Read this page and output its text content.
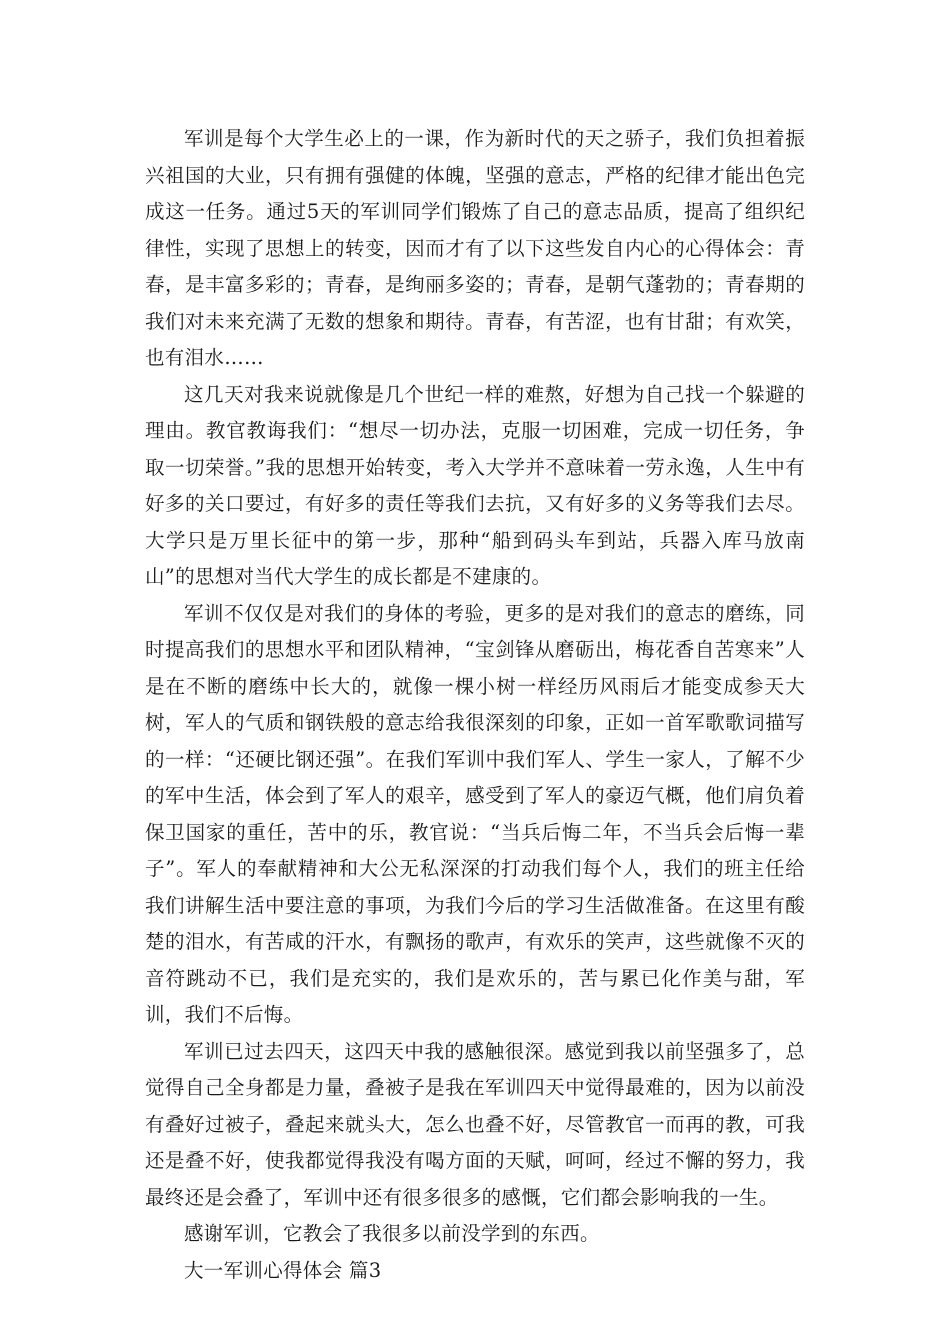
军训是每个大学生必上的一课，作为新时代的天之骄子，我们负担着振兴祖国的大业，只有拥有强健的体魄，坚强的意志，严格的纪律才能出色完成这一任务。通过5天的军训同学们锻炼了自己的意志品质，提高了组织纪律性，实现了思想上的转变，因而才有了以下这些发自内心的心得体会：青春，是丰富多彩的；青春，是绚丽多姿的；青春，是朝气蓬勃的；青春期的我们对未来充满了无数的想象和期待。青春，有苦涩，也有甘甜；有欢笑，也有泪水……

这几天对我来说就像是几个世纪一样的难熬，好想为自己找一个躲避的理由。教官教诲我们：“想尽一切办法，克服一切困难，完成一切任务，争取一切荣誉。”我的思想开始转变，考入大学并不意味着一劳永逸，人生中有好多的关口要过，有好多的责任等我们去抗，又有好多的义务等我们去尽。大学只是万里长征中的第一步，那种“船到码头车到站，兵器入库马放南山”的思想对当代大学生的成长都是不建康的。

军训不仅仅是对我们的身体的考验，更多的是对我们的意志的磨练，同时提高我们的思想水平和团队精神，“宝剑锋从磨砺出，梅花香自苦寒来”人是在不断的磨练中长大的，就像一棵小树一样经历风雨后才能变成参天大树，军人的气质和钢铁般的意志给我很深刻的印象，正如一首军歌歌词描写的一样：“还硬比钢还强”。在我们军训中我们军人、学生一家人，了解不少的军中生活，体会到了军人的艰辛，感受到了军人的豪迈气概，他们肩负着保卫国家的重任，苦中的乐，教官说：“当兵后悔二年，不当兵会后悔一辈子”。军人的奉献精神和大公无私深深的打动我们每个人，我们的班主任给我们讲解生活中要注意的事项，为我们今后的学习生活做准备。在这里有酸楚的泪水，有苦咸的汗水，有飘扬的歌声，有欢乐的笑声，这些就像不灭的音符跳动不已，我们是充实的，我们是欢乐的，苦与累已化作美与甜，军训，我们不后悔。

军训已过去四天，这四天中我的感触很深。感觉到我以前坚强多了，总觉得自己全身都是力量，叠被子是我在军训四天中觉得最难的，因为以前没有叠好过被子，叠起来就头大，怎么也叠不好，尽管教官一而再的教，可我还是叠不好，使我都觉得我没有喝方面的天赋，呵呵，经过不懈的努力，我最终还是会叠了，军训中还有很多很多的感慨，它们都会影响我的一生。

感谢军训，它教会了我很多以前没学到的东西。

大一军训心得体会 篇3
